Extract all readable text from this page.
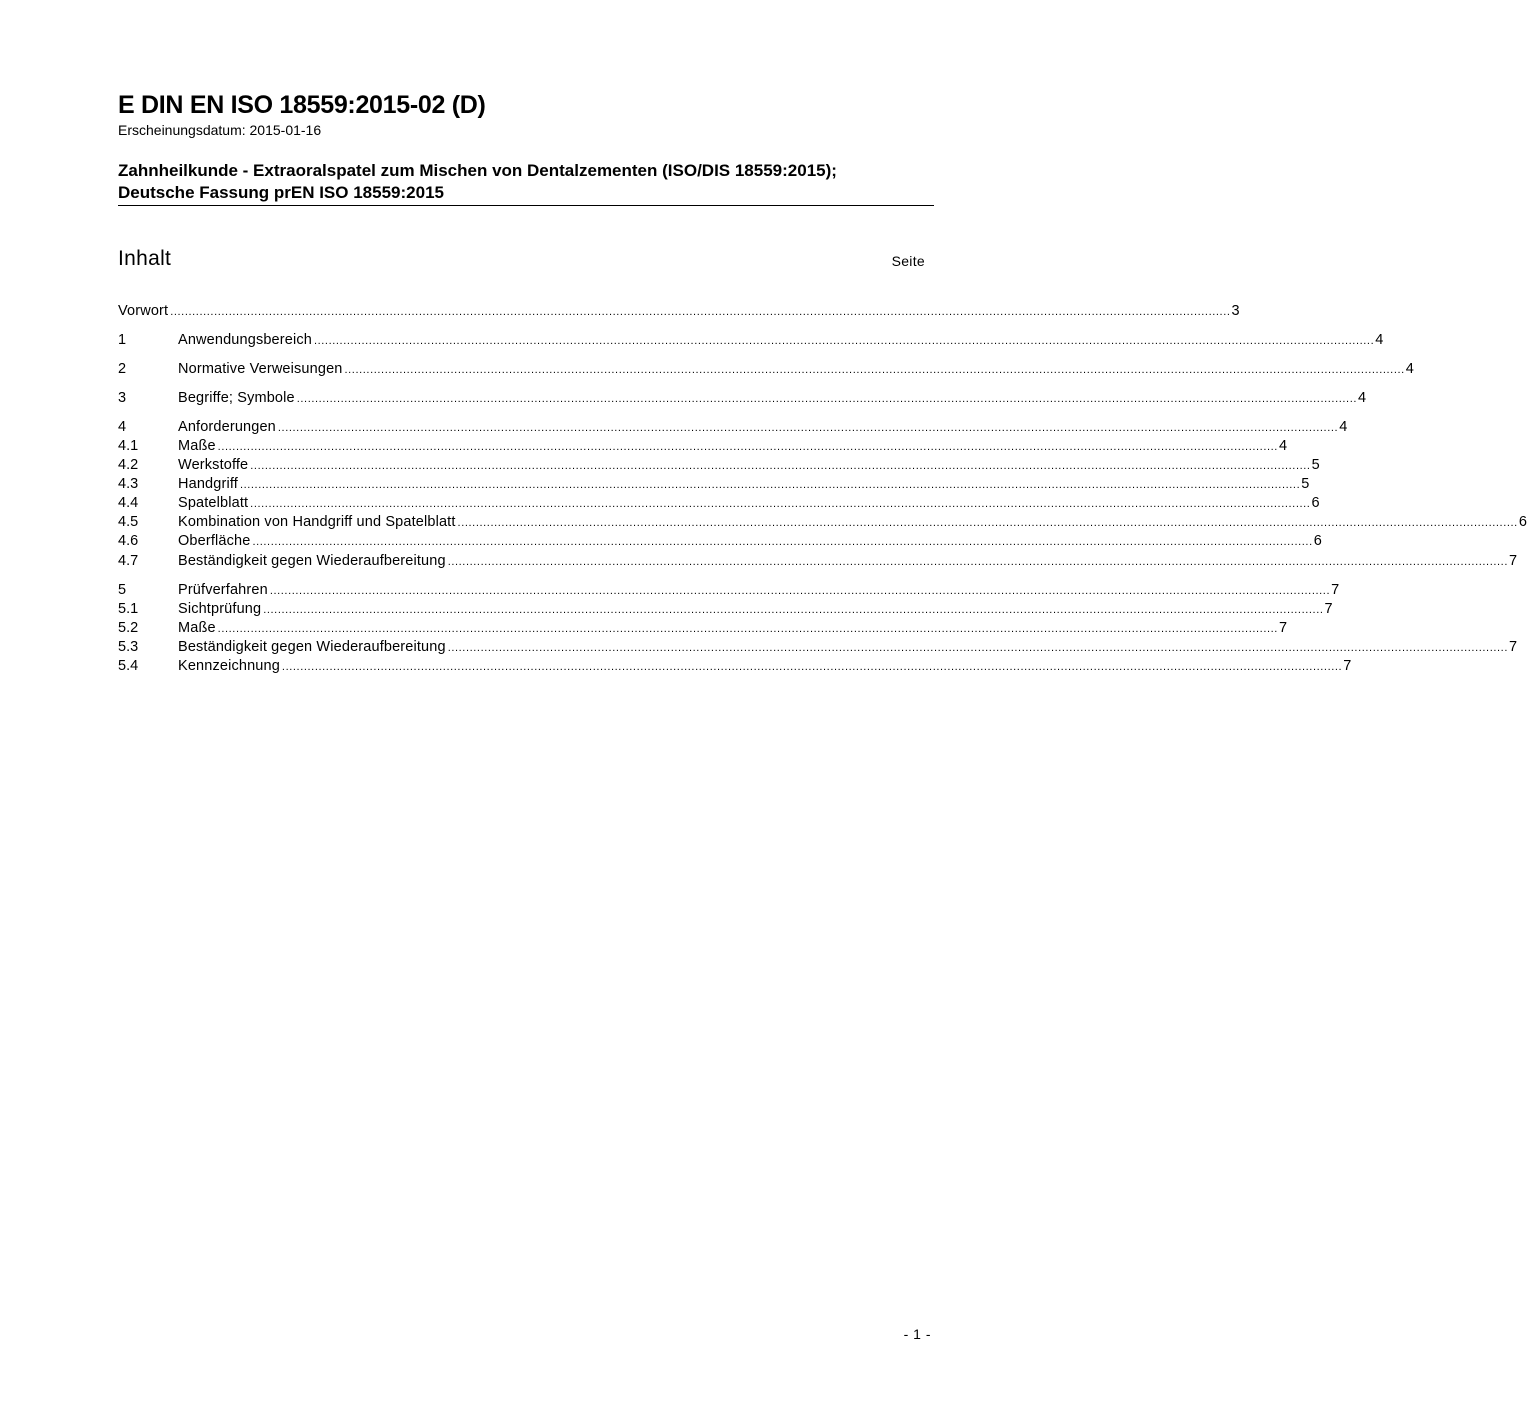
E DIN EN ISO 18559:2015-02 (D)
Erscheinungsdatum: 2015-01-16
Zahnheilkunde - Extraoralspatel zum Mischen von Dentalzementen (ISO/DIS 18559:2015); Deutsche Fassung prEN ISO 18559:2015
Inhalt	Seite
Vorwort .................................................................................................................................................................................................................................................................................................. 3
1	Anwendungsbereich .................................................................................................................................................................................................................................................................................................. 4
2	Normative Verweisungen .................................................................................................................................................................................................................................................................................................. 4
3	Begriffe; Symbole .................................................................................................................................................................................................................................................................................................. 4
4	Anforderungen .................................................................................................................................................................................................................................................................................................. 4
4.1	Maße .................................................................................................................................................................................................................................................................................................. 4
4.2	Werkstoffe .................................................................................................................................................................................................................................................................................................. 5
4.3	Handgriff .................................................................................................................................................................................................................................................................................................. 5
4.4	Spatelblatt .................................................................................................................................................................................................................................................................................................. 6
4.5	Kombination von Handgriff und Spatelblatt .................................................................................................................................................................................................................................................................................................. 6
4.6	Oberfläche .................................................................................................................................................................................................................................................................................................. 6
4.7	Beständigkeit gegen Wiederaufbereitung .................................................................................................................................................................................................................................................................................................. 7
5	Prüfverfahren .................................................................................................................................................................................................................................................................................................. 7
5.1	Sichtprüfung .................................................................................................................................................................................................................................................................................................. 7
5.2	Maße .................................................................................................................................................................................................................................................................................................. 7
5.3	Beständigkeit gegen Wiederaufbereitung .................................................................................................................................................................................................................................................................................................. 7
5.4	Kennzeichnung .................................................................................................................................................................................................................................................................................................. 7
- 1 -
